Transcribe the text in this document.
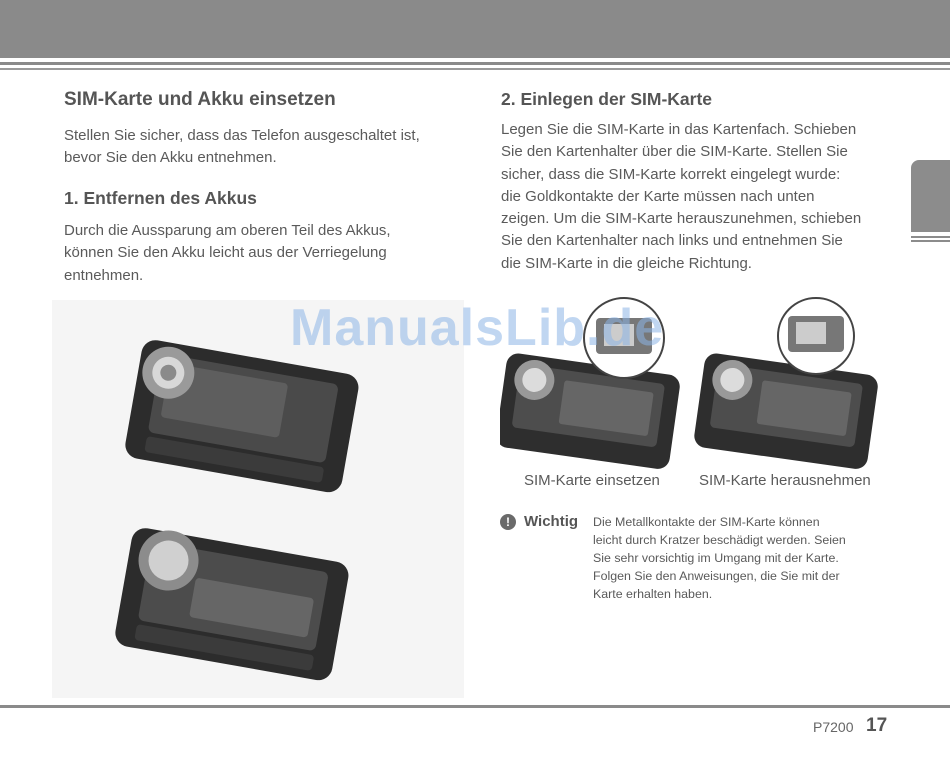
SIM-Karte und Akku einsetzen

Stellen Sie sicher, dass das Telefon ausgeschaltet ist,
bevor Sie den Akku entnehmen.

1. Entfernen des Akkus

Durch die Aussparung am oberen Teil des Akkus,
können Sie den Akku leicht aus der Verriegelung
entnehmen.

2. Einlegen der SIM-Karte

Legen Sie die SIM-Karte in das Kartenfach. Schieben
Sie den Kartenhalter über die SIM-Karte. Stellen Sie
sicher, dass die SIM-Karte korrekt eingelegt wurde:
die Goldkontakte der Karte müssen nach unten
zeigen. Um die SIM-Karte herauszunehmen, schieben
Sie den Kartenhalter nach links und entnehmen Sie
die SIM-Karte in die gleiche Richtung.

ManualsLib.de
SIM-Karte einsetzen	SIM-Karte herausnehmen
! Wichtig Die Metallkontakte der SIM-Karte können
leicht durch Kratzer beschädigt werden. Seien
Sie sehr vorsichtig im Umgang mit der Karte.
Folgen Sie den Anweisungen, die Sie mit der
Karte erhalten haben.

P7200 17
